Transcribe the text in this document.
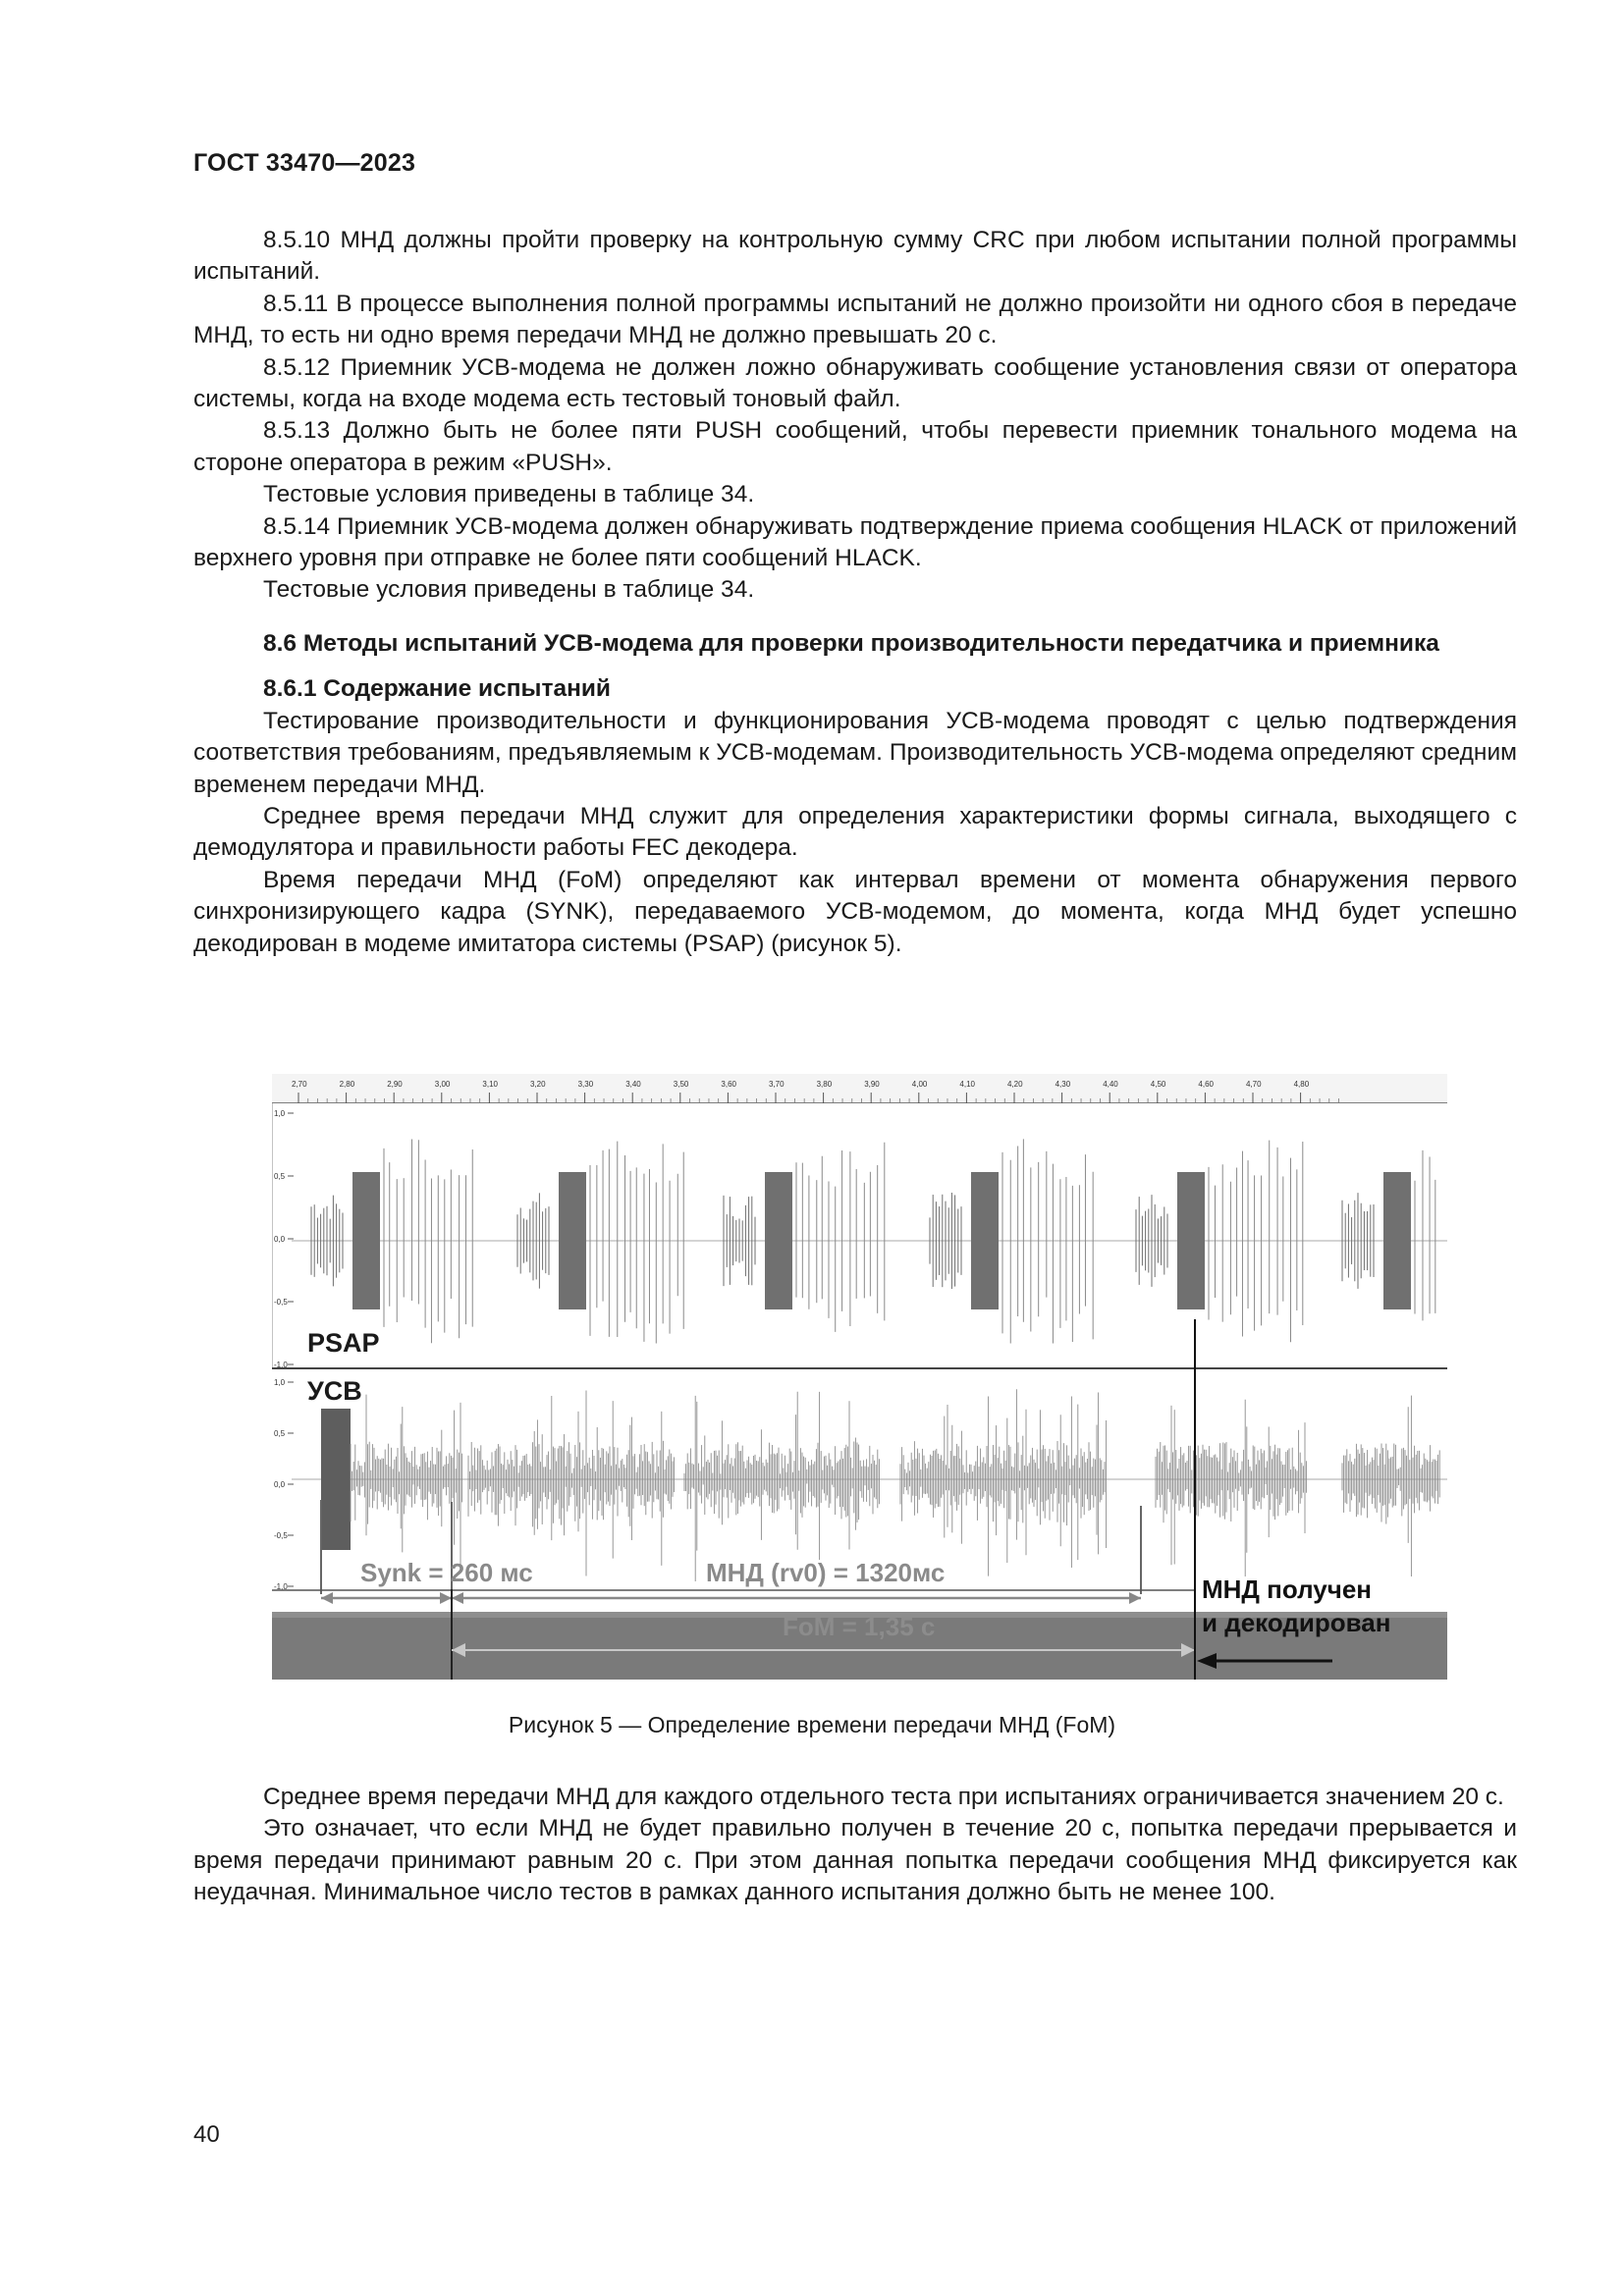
ГОСТ 33470—2023

8.5.10 МНД должны пройти проверку на контрольную сумму CRC при любом испытании полной программы испытаний.

8.5.11 В процессе выполнения полной программы испытаний не должно произойти ни одного сбоя в передаче МНД, то есть ни одно время передачи МНД не должно превышать 20 с.

8.5.12 Приемник УСВ-модема не должен ложно обнаруживать сообщение установления связи от оператора системы, когда на входе модема есть тестовый тоновый файл.

8.5.13 Должно быть не более пяти PUSH сообщений, чтобы перевести приемник тонального модема на стороне оператора в режим «PUSH».

Тестовые условия приведены в таблице 34.

8.5.14 Приемник УСВ-модема должен обнаруживать подтверждение приема сообщения HLACK от приложений верхнего уровня при отправке не более пяти сообщений HLACK.

Тестовые условия приведены в таблице 34.

8.6 Методы испытаний УСВ-модема для проверки производительности передатчика и приемника

8.6.1 Содержание испытаний

Тестирование производительности и функционирования УСВ-модема проводят с целью подтверждения соответствия требованиям, предъявляемым к УСВ-модемам. Производительность УСВ-модема определяют средним временем передачи МНД.

Среднее время передачи МНД служит для определения характеристики формы сигнала, выходящего с демодулятора и правильности работы FEC декодера.

Время передачи МНД (FoM) определяют как интервал времени от момента обнаружения первого синхронизирующего кадра (SYNK), передаваемого УСВ-модемом, до момента, когда МНД будет успешно декодирован в модеме имитатора системы (PSAP) (рисунок 5).

2,70	2,80	2,90	3,00	3,10	3,20	3,30	3,40	3,50	3,60	3,70	3,80	3,90	4,00	4,10	4,20	4,30	4,40	4,50	4,60	4,70	4,80
1,0
0,5
0,0
-0,5
-1,0
PSAP
1,0
0,5
0,0
-0,5
-1,0
УСВ
Synk = 260 мс	МНД (rv0) = 1320мс
FoM = 1,35 с
МНД получен
и декодирован
Рисунок 5 — Определение времени передачи МНД (FoM)

Среднее время передачи МНД для каждого отдельного теста при испытаниях ограничивается значением 20 с.

Это означает, что если МНД не будет правильно получен в течение 20 с, попытка передачи прерывается и время передачи принимают равным 20 с. При этом данная попытка передачи сообщения МНД фиксируется как неудачная. Минимальное число тестов в рамках данного испытания должно быть не менее 100.

40
